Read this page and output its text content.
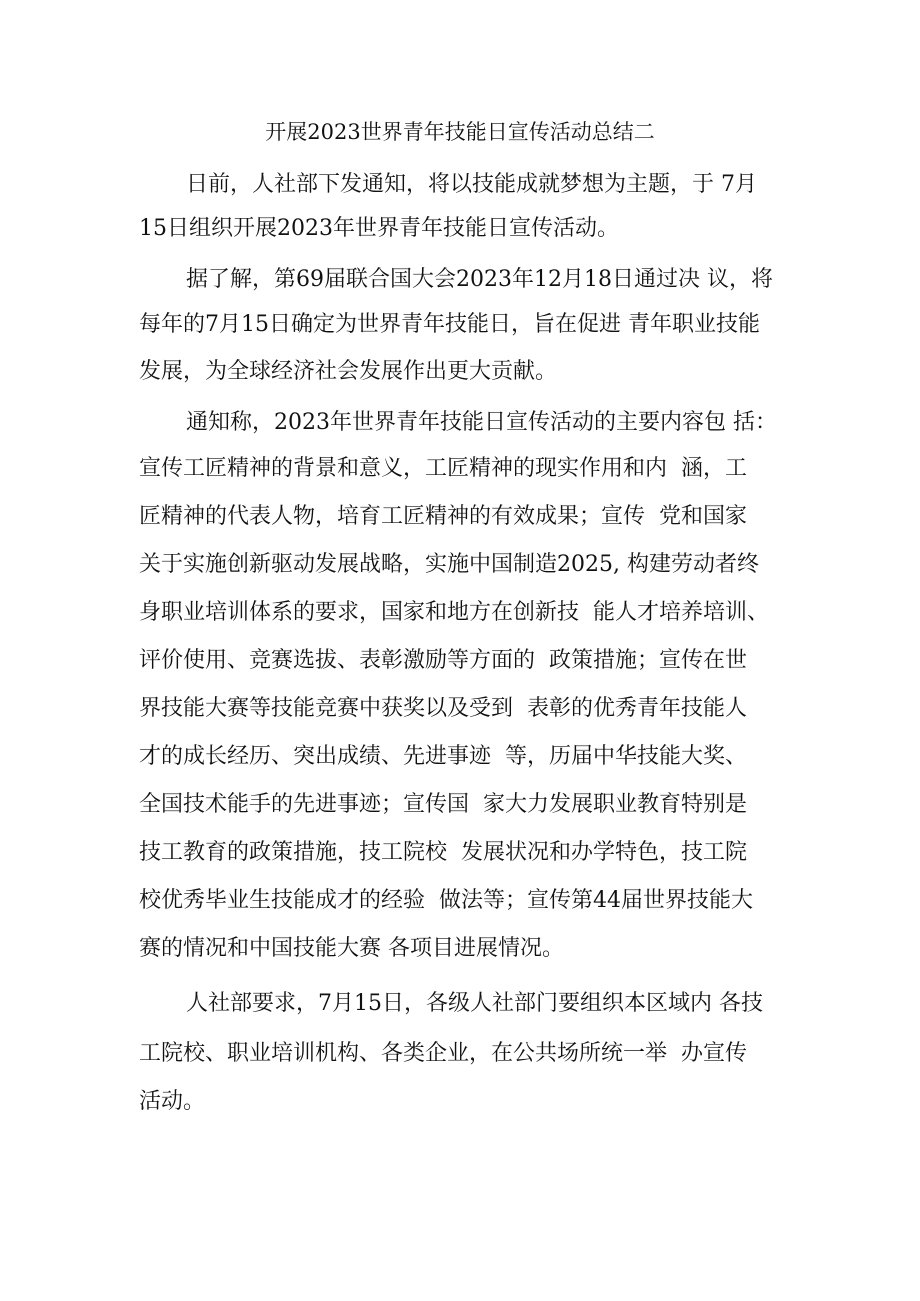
开展2023世界青年技能日宣传活动总结二
日前，人社部下发通知，将以技能成就梦想为主题，于 7月
15日组织开展2023年世界青年技能日宣传活动。
据了解，第69届联合国大会2023年12月18日通过决 议，将
每年的7月15日确定为世界青年技能日，旨在促进 青年职业技能
发展，为全球经济社会发展作出更大贡献。
通知称，2023年世界青年技能日宣传活动的主要内容包 括：
宣传工匠精神的背景和意义，工匠精神的现实作用和内  涵，工
匠精神的代表人物，培育工匠精神的有效成果；宣传  党和国家
关于实施创新驱动发展战略，实施中国制造2025, 构建劳动者终
身职业培训体系的要求，国家和地方在创新技  能人才培养培训、
评价使用、竞赛选拔、表彰激励等方面的  政策措施；宣传在世
界技能大赛等技能竞赛中获奖以及受到  表彰的优秀青年技能人
才的成长经历、突出成绩、先进事迹  等，历届中华技能大奖、
全国技术能手的先进事迹；宣传国  家大力发展职业教育特别是
技工教育的政策措施，技工院校  发展状况和办学特色，技工院
校优秀毕业生技能成才的经验  做法等；宣传第44届世界技能大
赛的情况和中国技能大赛 各项目进展情况。
人社部要求，7月15日，各级人社部门要组织本区域内 各技
工院校、职业培训机构、各类企业，在公共场所统一举  办宣传
活动。
